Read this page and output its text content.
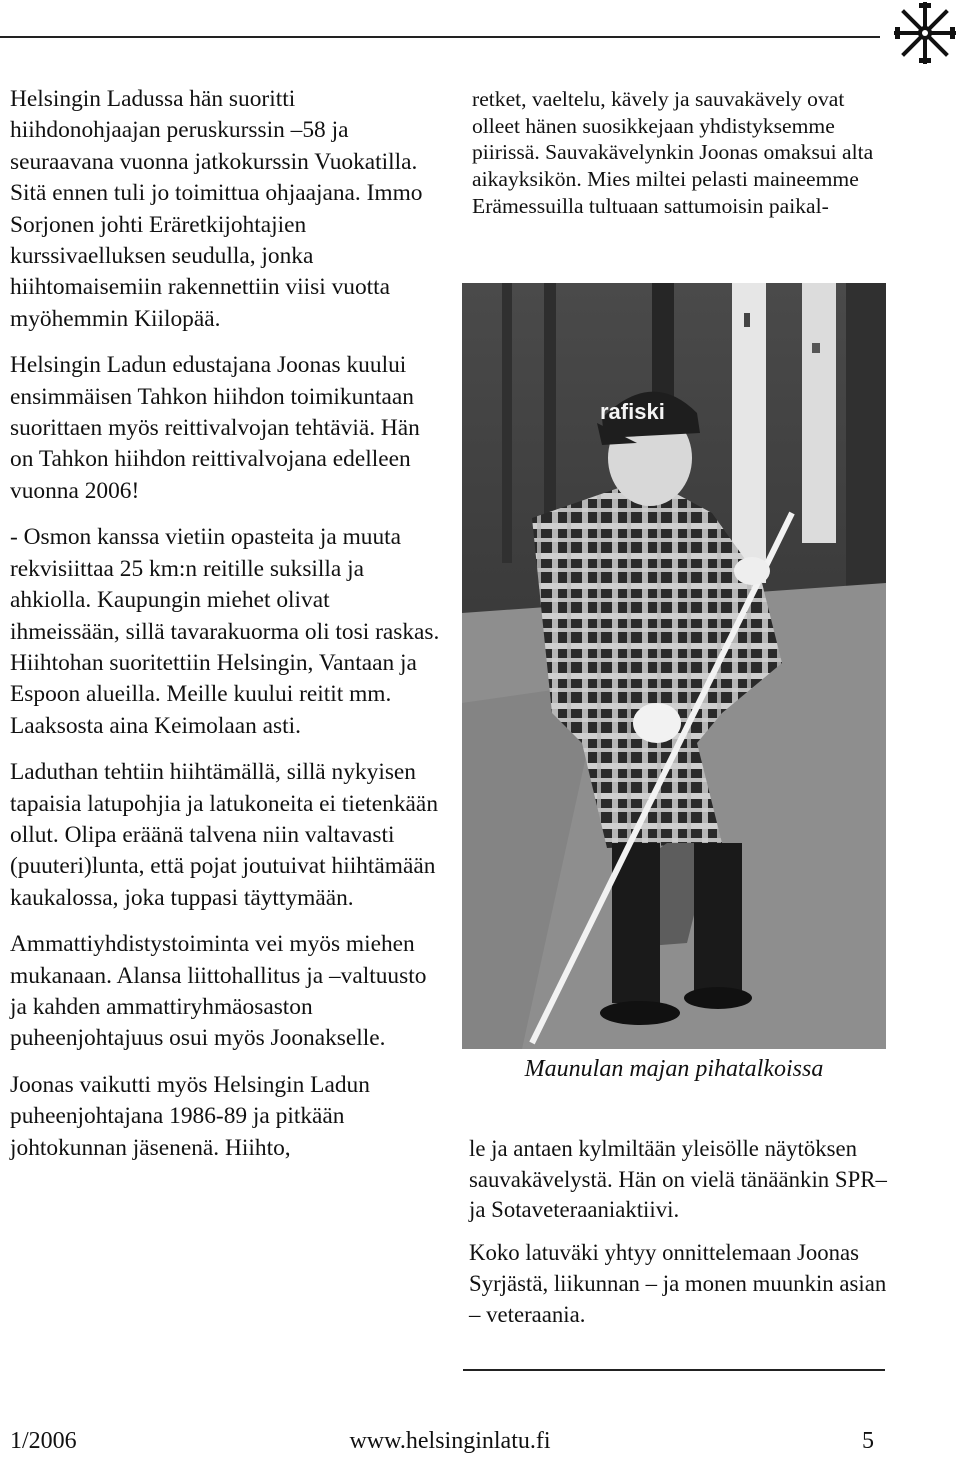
Helsingin Ladussa hän suoritti hiihdonohjaajan peruskurssin –58 ja seuraavana vuonna jatkokurssin Vuokatilla. Sitä ennen tuli jo toimittua ohjaajana. Immo Sorjonen johti Eräretkijohtajien kurssivaelluksen seudulla, jonka hiihtomaisemiin rakennettiin viisi vuotta myöhemmin Kiilopää.

Helsingin Ladun edustajana Joonas kuului ensimmäisen Tahkon hiihdon toimikuntaan suorittaen myös reittivalvojan tehtäviä. Hän on Tahkon hiihdon reittivalvojana edelleen vuonna 2006!

- Osmon kanssa vietiin opasteita ja muuta rekvisiittaa 25 km:n reitille suksilla ja ahkiolla. Kaupungin miehet olivat ihmeissään, sillä tavarakuorma oli tosi raskas. Hiihtohan suoritettiin Helsingin, Vantaan ja Espoon alueilla. Meille kuului reitit mm. Laaksosta aina Keimolaan asti.

Laduthan tehtiin hiihtämällä, sillä nykyisen tapaisia latupohjia ja latukoneita ei tietenkään ollut. Olipa eräänä talvena niin valtavasti (puuteri)lunta, että pojat joutuivat hiihtämään kaukalossa, joka tuppasi täyttymään.

Ammattiyhdistystoiminta vei myös miehen mukanaan. Alansa liittohallitus ja –valtuusto ja kahden ammattiryhmäosaston puheenjohtajuus osui myös Joonakselle.

Joonas vaikutti myös Helsingin Ladun puheenjohtajana 1986-89 ja pitkään johtokunnan jäsenenä. Hiihto,

retket, vaeltelu, kävely ja sauvakävely ovat olleet hänen suosikkejaan yhdistyksemme piirissä. Sauvakävelynkin Joonas omaksui alta aikayksikön. Mies miltei pelasti maineemme Erämessuilla tultuaan sattumoisin paikal-

rafiski
Maunulan majan pihatalkoissa

le ja antaen kylmiltään yleisölle näytöksen sauvakävelystä. Hän on vielä tänäänkin SPR– ja Sotaveteraaniaktiivi.

Koko latuväki yhtyy onnittelemaan Joonas Syrjästä, liikunnan – ja monen muunkin asian – veteraania.

1/2006	www.helsinginlatu.fi	5
